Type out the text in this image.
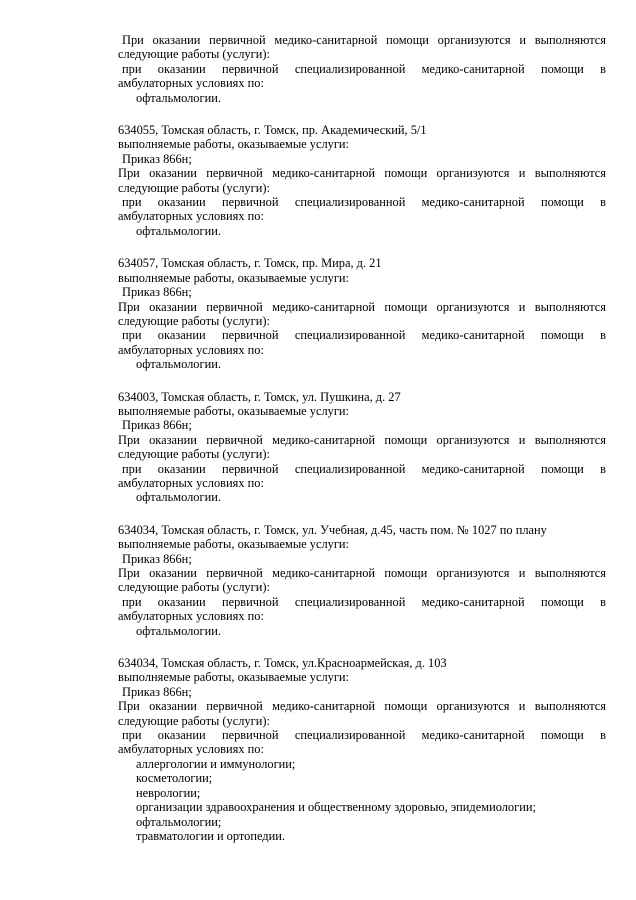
При оказании первичной медико-санитарной помощи организуются и выполняются
следующие работы (услуги):
при оказании первичной специализированной медико-санитарной помощи в
амбулаторных условиях по:
офтальмологии.
634055, Томская область, г. Томск, пр. Академический, 5/1
выполняемые работы, оказываемые услуги:
Приказ 866н;
При оказании первичной медико-санитарной помощи организуются и выполняются
следующие работы (услуги):
при оказании первичной специализированной медико-санитарной помощи в
амбулаторных условиях по:
офтальмологии.
634057, Томская область, г. Томск, пр. Мира, д. 21
выполняемые работы, оказываемые услуги:
Приказ 866н;
При оказании первичной медико-санитарной помощи организуются и выполняются
следующие работы (услуги):
при оказании первичной специализированной медико-санитарной помощи в
амбулаторных условиях по:
офтальмологии.
634003, Томская область, г. Томск, ул. Пушкина, д. 27
выполняемые работы, оказываемые услуги:
Приказ 866н;
При оказании первичной медико-санитарной помощи организуются и выполняются
следующие работы (услуги):
при оказании первичной специализированной медико-санитарной помощи в
амбулаторных условиях по:
офтальмологии.
634034, Томская область, г. Томск, ул. Учебная, д.45, часть пом. № 1027 по плану
выполняемые работы, оказываемые услуги:
Приказ 866н;
При оказании первичной медико-санитарной помощи организуются и выполняются
следующие работы (услуги):
при оказании первичной специализированной медико-санитарной помощи в
амбулаторных условиях по:
офтальмологии.
634034, Томская область, г. Томск, ул.Красноармейская, д. 103
выполняемые работы, оказываемые услуги:
Приказ 866н;
При оказании первичной медико-санитарной помощи организуются и выполняются
следующие работы (услуги):
при оказании первичной специализированной медико-санитарной помощи в
амбулаторных условиях по:
аллергологии и иммунологии;
косметологии;
неврологии;
организации здравоохранения и общественному здоровью, эпидемиологии;
офтальмологии;
травматологии и ортопедии.
